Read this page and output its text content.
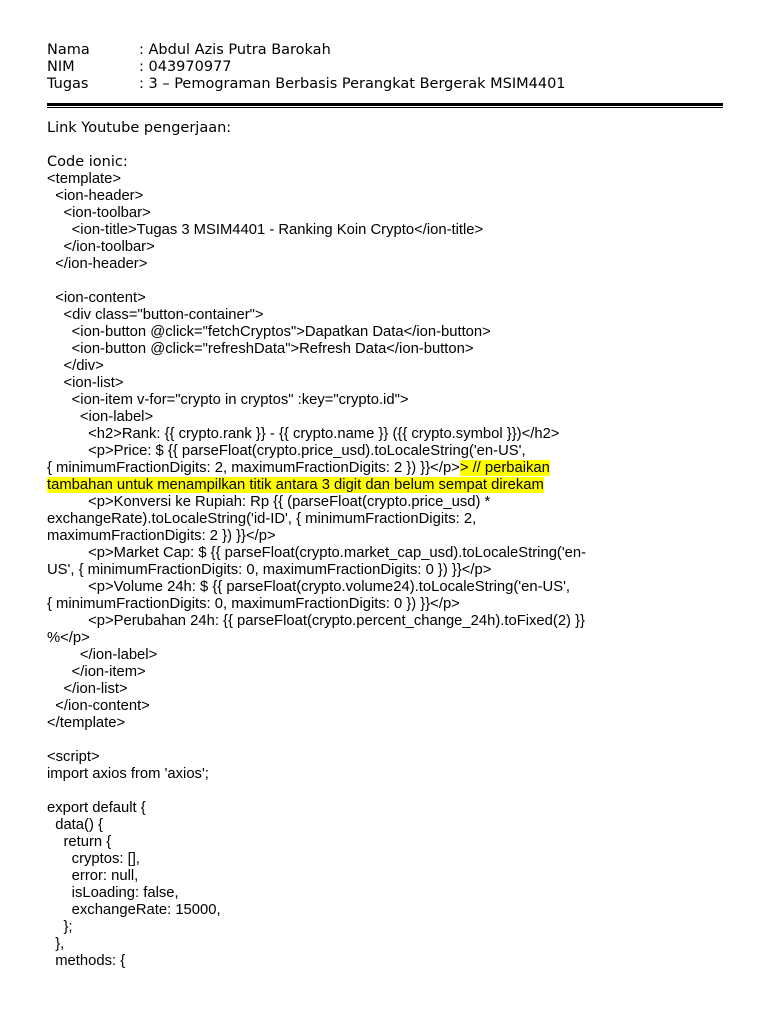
Nama	: Abdul Azis Putra Barokah
NIM	: 043970977
Tugas	: 3 – Pemograman Berbasis Perangkat Bergerak MSIM4401
Link Youtube pengerjaan:
Code ionic:
<template>
<ion-header>
<ion-toolbar>
<ion-title>Tugas 3 MSIM4401 - Ranking Koin Crypto</ion-title>
</ion-toolbar>
</ion-header>
<ion-content>
<div class="button-container">
<ion-button @click="fetchCryptos">Dapatkan Data</ion-button>
<ion-button @click="refreshData">Refresh Data</ion-button>
</div>
<ion-list>
<ion-item v-for="crypto in cryptos" :key="crypto.id">
<ion-label>
<h2>Rank: {{ crypto.rank }} - {{ crypto.name }} ({{ crypto.symbol }})</h2>
<p>Price: $ {{ parseFloat(crypto.price_usd).toLocaleString('en-US',
{ minimumFractionDigits: 2, maximumFractionDigits: 2 }) }}</p>> // perbaikan
tambahan untuk menampilkan titik antara 3 digit dan belum sempat direkam
<p>Konversi ke Rupiah: Rp {{ (parseFloat(crypto.price_usd) *
exchangeRate).toLocaleString('id-ID', { minimumFractionDigits: 2,
maximumFractionDigits: 2 }) }}</p>
<p>Market Cap: $ {{ parseFloat(crypto.market_cap_usd).toLocaleString('en-
US', { minimumFractionDigits: 0, maximumFractionDigits: 0 }) }}</p>
<p>Volume 24h: $ {{ parseFloat(crypto.volume24).toLocaleString('en-US',
{ minimumFractionDigits: 0, maximumFractionDigits: 0 }) }}</p>
<p>Perubahan 24h: {{ parseFloat(crypto.percent_change_24h).toFixed(2) }}
%</p>
</ion-label>
</ion-item>
</ion-list>
</ion-content>
</template>
<script>
import axios from 'axios';
export default {
data() {
return {
cryptos: [],
error: null,
isLoading: false,
exchangeRate: 15000,
};
},
methods: {
